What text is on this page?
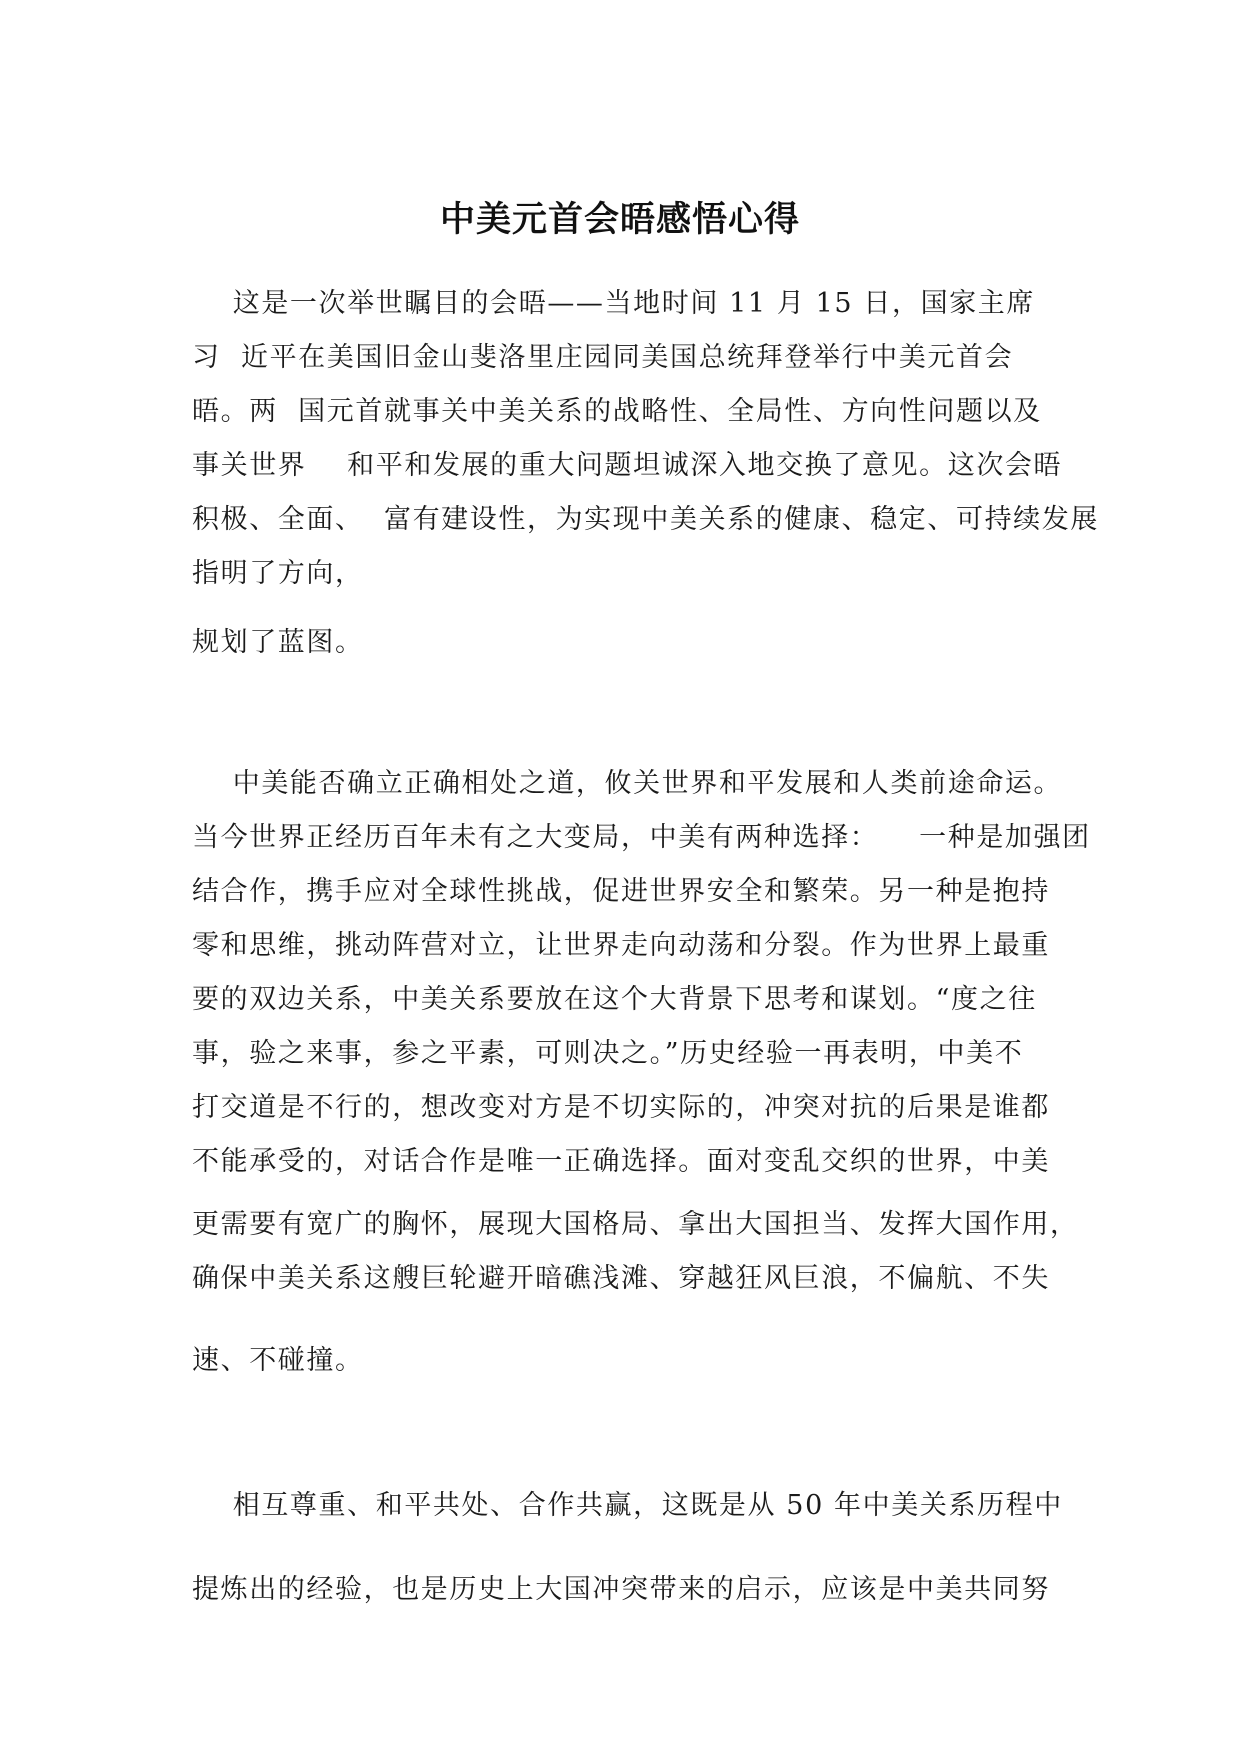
中美元首会晤感悟心得
这是一次举世瞩目的会晤——当地时间 11 月 15 日，国家主席
习  近平在美国旧金山斐洛里庄园同美国总统拜登举行中美元首会
晤。两  国元首就事关中美关系的战略性、全局性、方向性问题以及
事关世界    和平和发展的重大问题坦诚深入地交换了意见。这次会晤
积极、全面、  富有建设性，为实现中美关系的健康、稳定、可持续发展
指明了方向，
规划了蓝图。
中美能否确立正确相处之道，攸关世界和平发展和人类前途命运。
当今世界正经历百年未有之大变局，中美有两种选择：    一种是加强团
结合作，携手应对全球性挑战，促进世界安全和繁荣。另一种是抱持
零和思维，挑动阵营对立，让世界走向动荡和分裂。作为世界上最重
要的双边关系，中美关系要放在这个大背景下思考和谋划。“度之往
事，验之来事，参之平素，可则决之。”历史经验一再表明，中美不
打交道是不行的，想改变对方是不切实际的，冲突对抗的后果是谁都
不能承受的，对话合作是唯一正确选择。面对变乱交织的世界，中美
更需要有宽广的胸怀，展现大国格局、拿出大国担当、发挥大国作用，
确保中美关系这艘巨轮避开暗礁浅滩、穿越狂风巨浪，不偏航、不失
速、不碰撞。
相互尊重、和平共处、合作共赢，这既是从 50 年中美关系历程中
提炼出的经验，也是历史上大国冲突带来的启示，应该是中美共同努
